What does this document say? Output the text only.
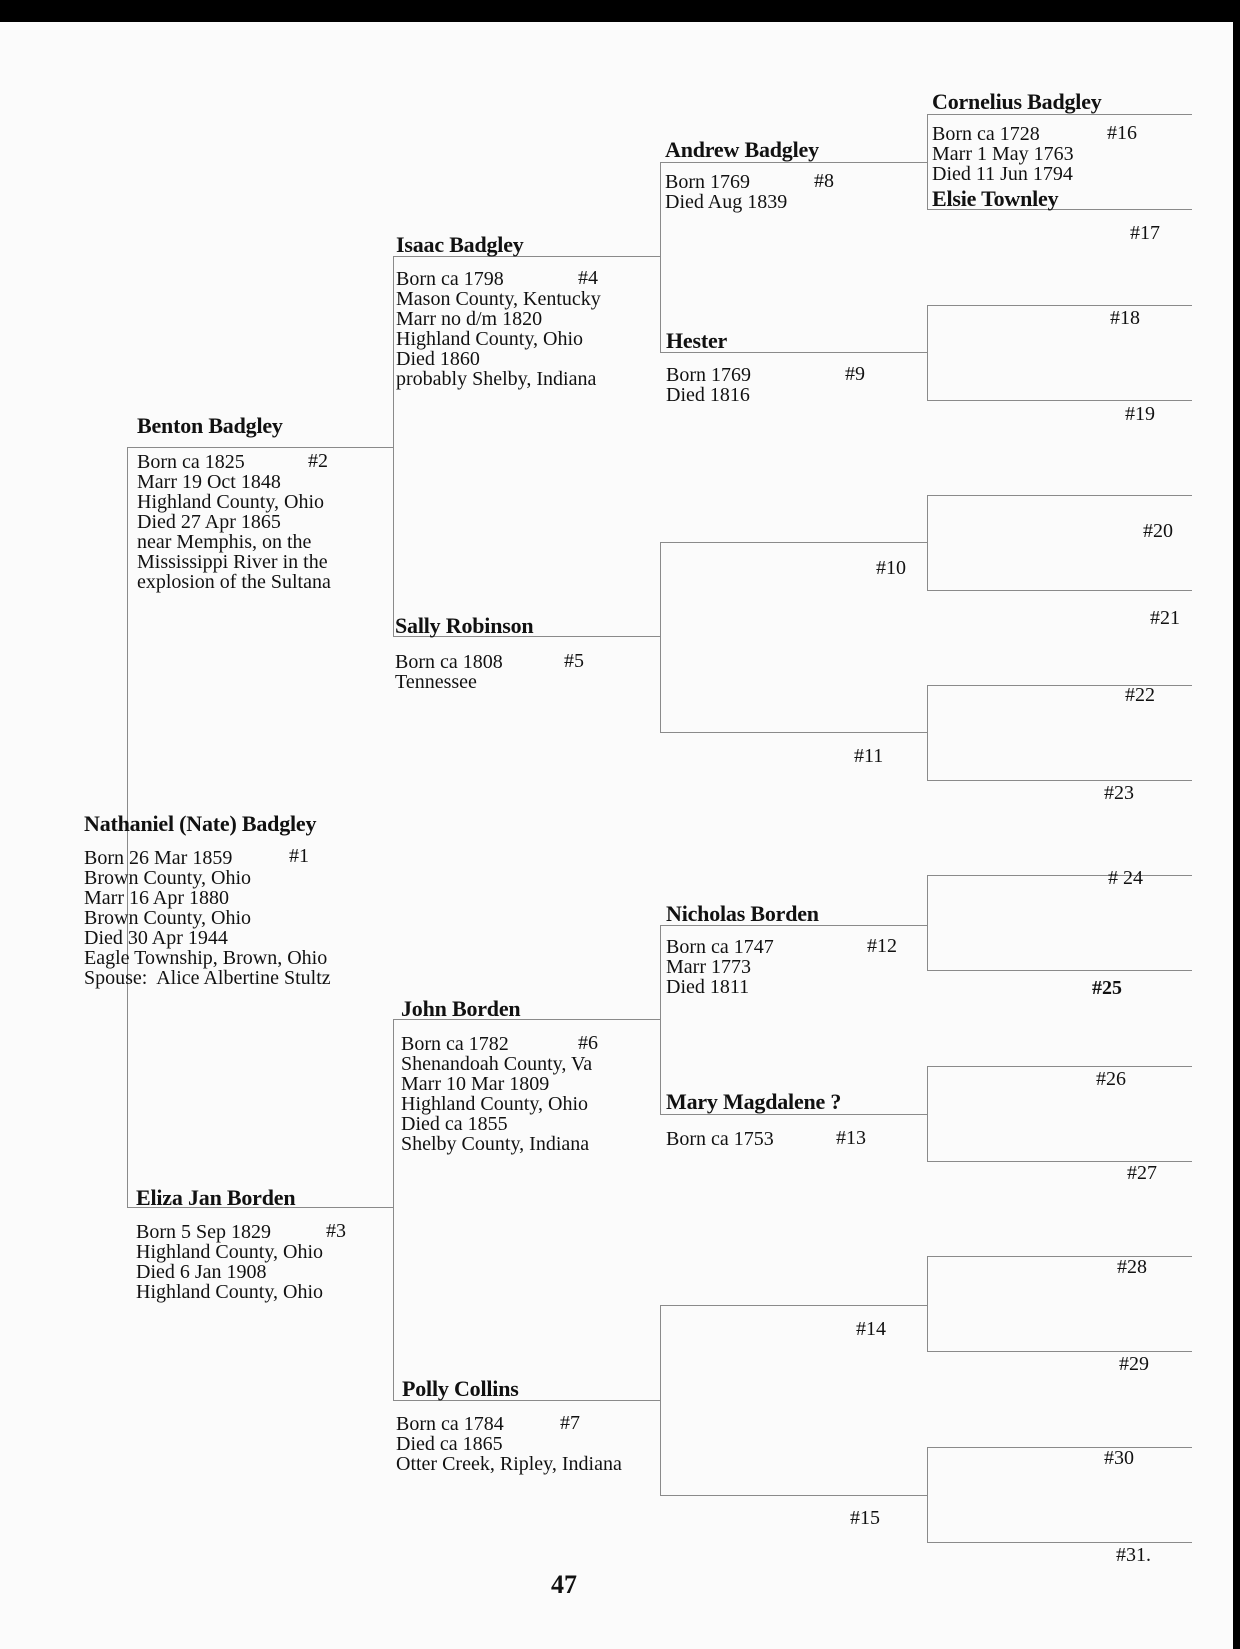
Nathaniel (Nate) Badgley
Born 26 Mar 1859
Brown County, Ohio
Marr 16 Apr 1880
Brown County, Ohio
Died 30 Apr 1944
Eagle Township, Brown, Ohio
Spouse:  Alice Albertine Stultz
#1
Benton Badgley
Born ca 1825
Marr 19 Oct 1848
Highland County, Ohio
Died 27 Apr 1865
near Memphis, on the
Mississippi River in the
explosion of the Sultana
#2
Eliza Jan Borden
Born 5 Sep 1829
Highland County, Ohio
Died 6 Jan 1908
Highland County, Ohio
#3
Isaac Badgley
Born ca 1798
Mason County, Kentucky
Marr no d/m 1820
Highland County, Ohio
Died 1860
probably Shelby, Indiana
#4
Sally Robinson
Born ca 1808
Tennessee
#5
John Borden
Born ca 1782
Shenandoah County, Va
Marr 10 Mar 1809
Highland County, Ohio
Died ca 1855
Shelby County, Indiana
#6
Polly Collins
Born ca 1784
Died ca 1865
Otter Creek, Ripley, Indiana
#7
Andrew Badgley
Born 1769
Died Aug 1839
#8
Hester
Born 1769
Died 1816
#9
#10
#11
Nicholas Borden
Born ca 1747
Marr 1773
Died 1811
#12
Mary Magdalene ?
Born ca 1753	#13
#14
#15
Cornelius Badgley
Born ca 1728
Marr 1 May 1763
Died 11 Jun 1794
#16
Elsie Townley
#17
#18
#19
#20
#21
#22
#23
# 24
#25
#26
#27
#28
#29
#30
#31.
47
